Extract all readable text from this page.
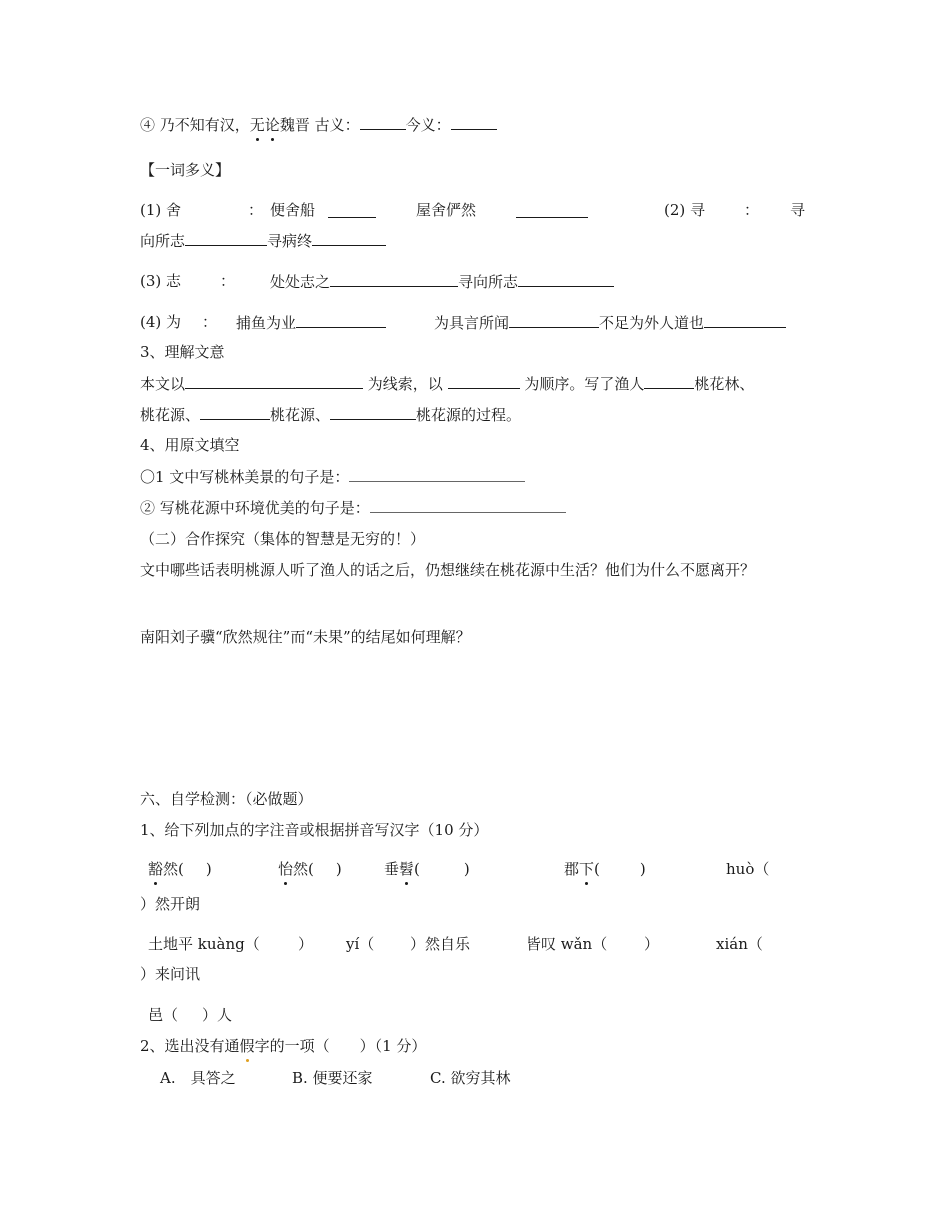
④ 乃不知有汉，无论魏晋 古义：	今义：
【一词多义】
(1) 舍	： 便舍船	屋舍俨然	(2) 寻	： 寻
向所志	寻病终
(3) 志	： 处处志之	寻向所志
(4) 为 ： 捕鱼为业	为具言所闻	不足为外人道也
3、理解文意
本文以	为线索，以	为顺序。写了渔人	桃花林、
桃花源、	桃花源、	桃花源的过程。
4、用原文填空
〇1 文中写桃林美景的句子是：
② 写桃花源中环境优美的句子是：
（二）合作探究（集体的智慧是无穷的！）
文中哪些话表明桃源人听了渔人的话之后，仍想继续在桃花源中生活？他们为什么不愿离开？
南阳刘子骥“欣然规往”而“未果”的结尾如何理解？
六、自学检测：（必做题）
1、给下列加点的字注音或根据拼音写汉字（10 分）
豁然( )	怡然( )	垂髫(	)	郡下(	)	huò（
）然开朗
土地平 kuàng（	） yí（ ）然自乐	皆叹 wǎn（ ）	xián（
）来问讯
邑（ ）人
2、选出没有通假字的一项（ ）（1 分）
A.　具答之	B. 便要还家	C. 欲穷其林
